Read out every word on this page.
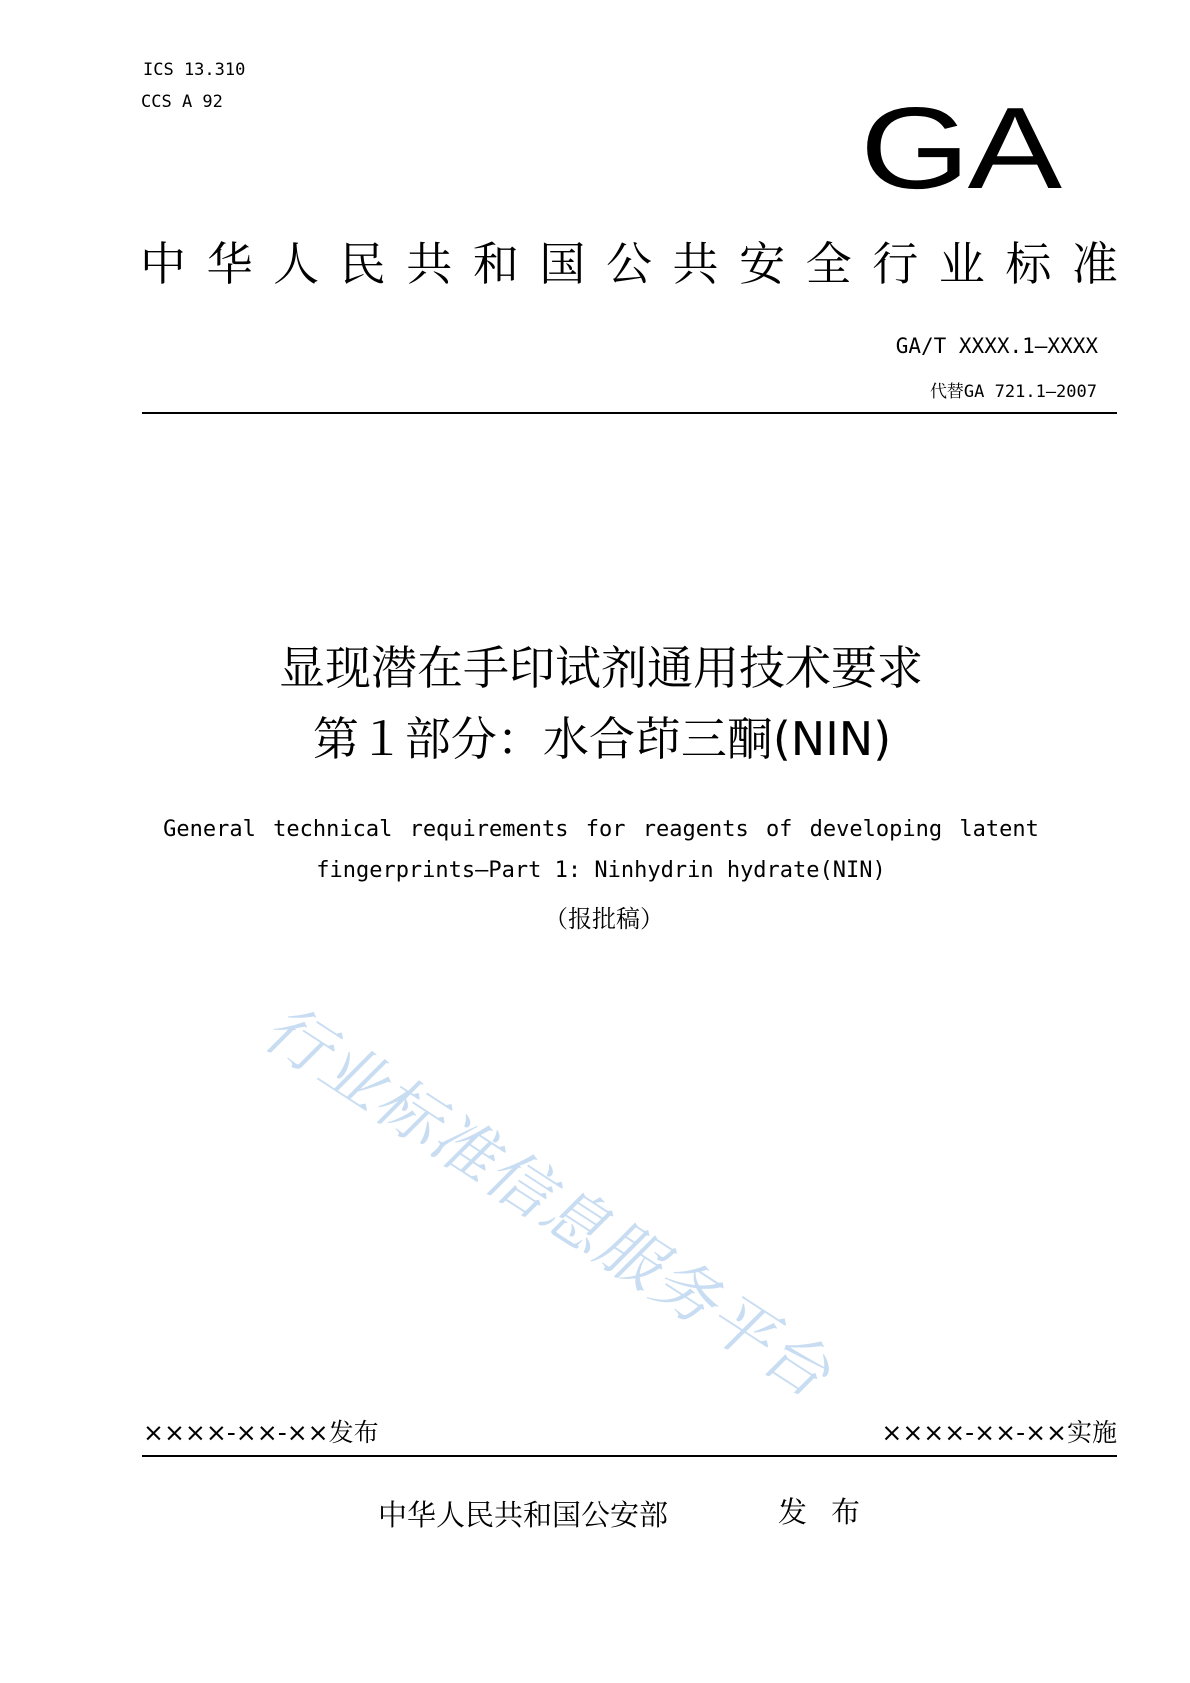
ICS 13.310
CCS A 92	GA
中 华 人 民 共 和 国 公 共 安 全 行 业 标 准
GA/T XXXX.1—XXXX
代替GA 721.1—2007
显现潜在手印试剂通用技术要求
第１部分：水合茚三酮(NIN)
General technical requirements for reagents of developing latent
fingerprints—Part 1: Ninhydrin hydrate(NIN)
（报批稿）
行业标准信息服务平台
××××-××-××发布	××××-××-××实施
中华人民共和国公安部	发布
